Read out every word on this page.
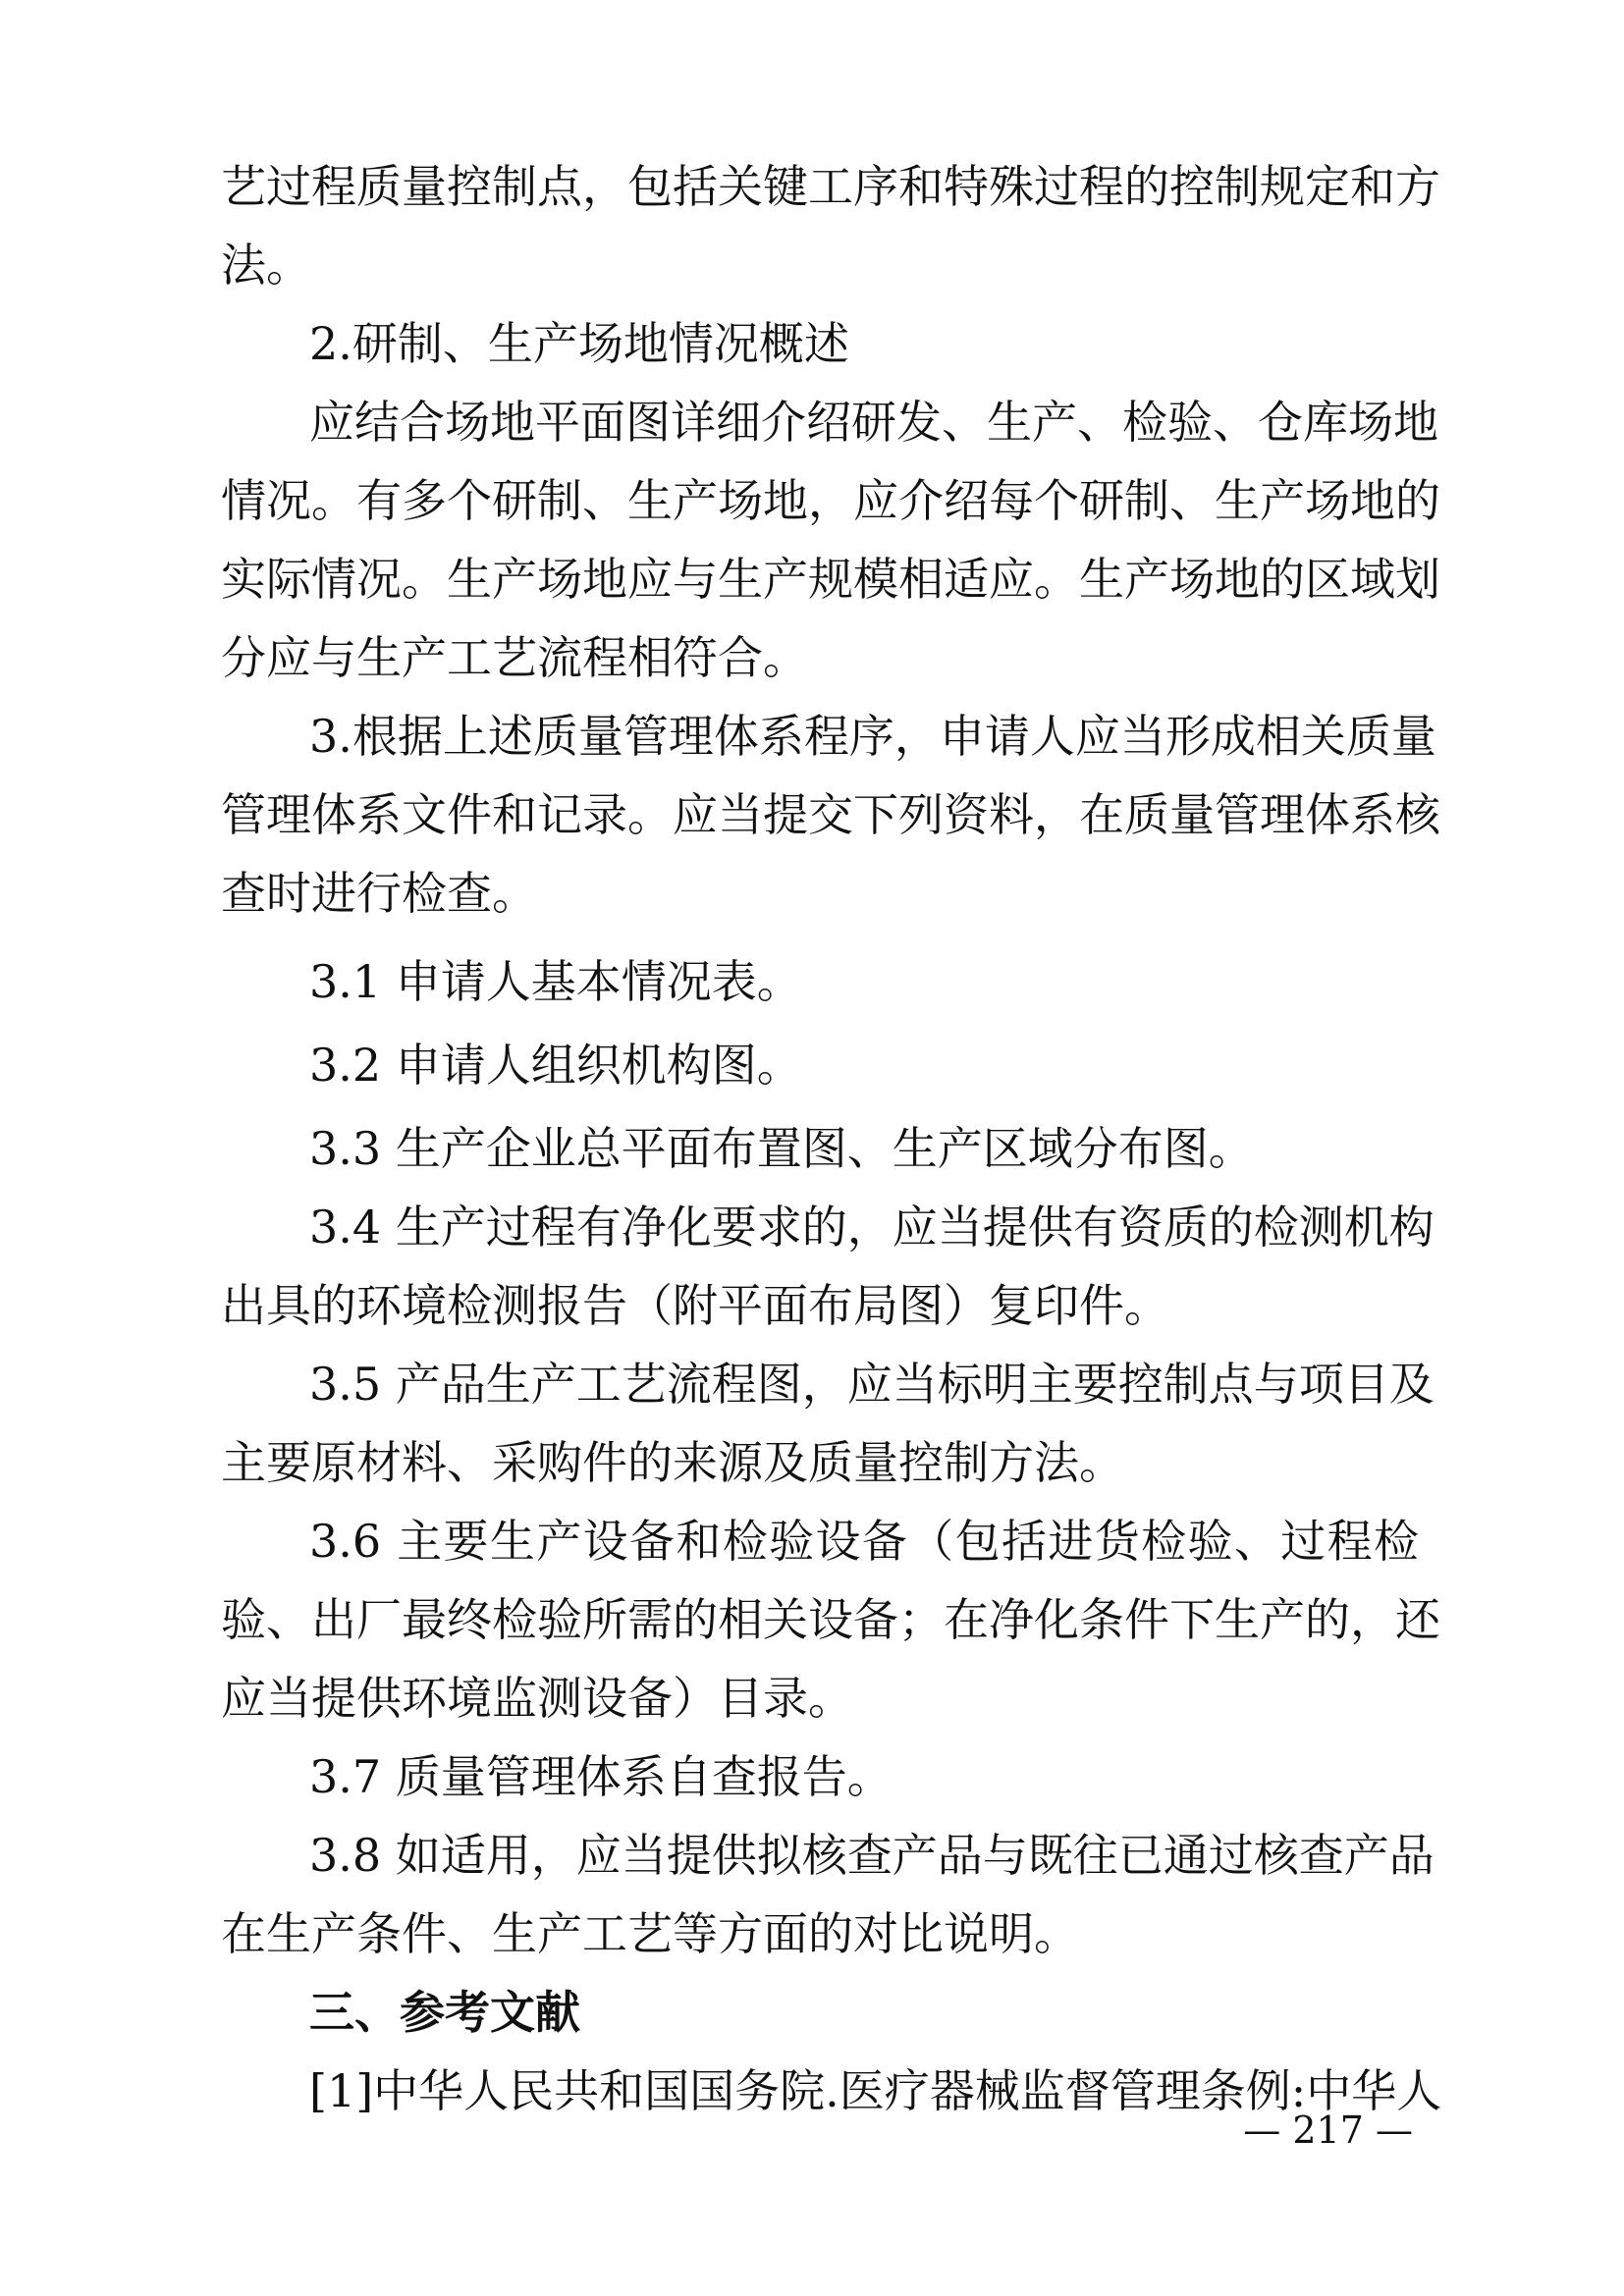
艺过程质量控制点，包括关键工序和特殊过程的控制规定和方
法。
2.研制、生产场地情况概述
应结合场地平面图详细介绍研发、生产、检验、仓库场地
情况。有多个研制、生产场地，应介绍每个研制、生产场地的
实际情况。生产场地应与生产规模相适应。生产场地的区域划
分应与生产工艺流程相符合。
3.根据上述质量管理体系程序，申请人应当形成相关质量
管理体系文件和记录。应当提交下列资料，在质量管理体系核
查时进行检查。
3.1 申请人基本情况表。
3.2 申请人组织机构图。
3.3 生产企业总平面布置图、生产区域分布图。
3.4 生产过程有净化要求的，应当提供有资质的检测机构
出具的环境检测报告（附平面布局图）复印件。
3.5 产品生产工艺流程图，应当标明主要控制点与项目及
主要原材料、采购件的来源及质量控制方法。
3.6 主要生产设备和检验设备（包括进货检验、过程检
验、出厂最终检验所需的相关设备；在净化条件下生产的，还
应当提供环境监测设备）目录。
3.7 质量管理体系自查报告。
3.8 如适用，应当提供拟核查产品与既往已通过核查产品
在生产条件、生产工艺等方面的对比说明。
三、参考文献
[1]中华人民共和国国务院.医疗器械监督管理条例:中华人
— 217 —
